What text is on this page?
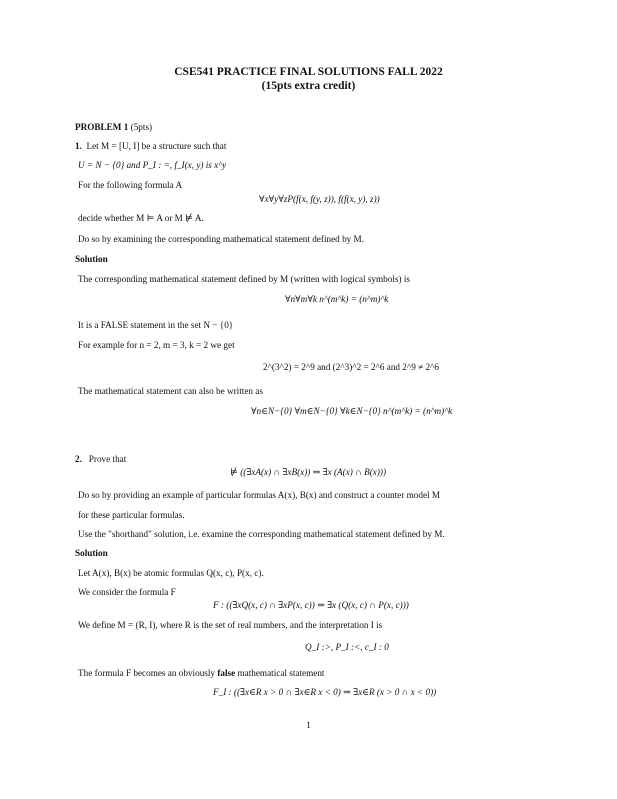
CSE541 PRACTICE FINAL SOLUTIONS FALL 2022
(15pts extra credit)
PROBLEM 1 (5pts)
1. Let M = [U, I] be a structure such that
U = N − {0} and P_I : =, f_I(x, y) is x^y
For the following formula A
∀x∀y∀zP(f(x, f(y, z)), f(f(x, y), z))
decide whether M ⊨ A or M ⊭ A.
Do so by examining the corresponding mathematical statement defined by M.
Solution
The corresponding mathematical statement defined by M (written with logical symbols) is
∀n∀m∀k n^(m^k) = (n^m)^k
It is a FALSE statement in the set N − {0}
For example for n = 2, m = 3, k = 2 we get
2^(3^2) = 2^9 and (2^3)^2 = 2^6 and 2^9 ≠ 2^6
The mathematical statement can also be written as
∀n∈N−{0} ∀m∈N−{0} ∀k∈N−{0} n^(m^k) = (n^m)^k
2. Prove that
⊭ ((∃xA(x) ∩ ∃xB(x)) ⇒ ∃x (A(x) ∩ B(x)))
Do so by providing an example of particular formulas A(x), B(x) and construct a counter model M
for these particular formulas.
Use the "shorthand" solution, i.e. examine the corresponding mathematical statement defined by M.
Solution
Let A(x), B(x) be atomic formulas Q(x, c), P(x, c).
We consider the formula F
F : ((∃xQ(x, c) ∩ ∃xP(x, c)) ⇒ ∃x (Q(x, c) ∩ P(x, c)))
We define M = (R, I), where R is the set of real numbers, and the interpretation I is
Q_I :>, P_I :<, c_I : 0
The formula F becomes an obviously false mathematical statement
F_I : ((∃x∈R x > 0 ∩ ∃x∈R x < 0) ⇒ ∃x∈R (x > 0 ∩ x < 0))
1
